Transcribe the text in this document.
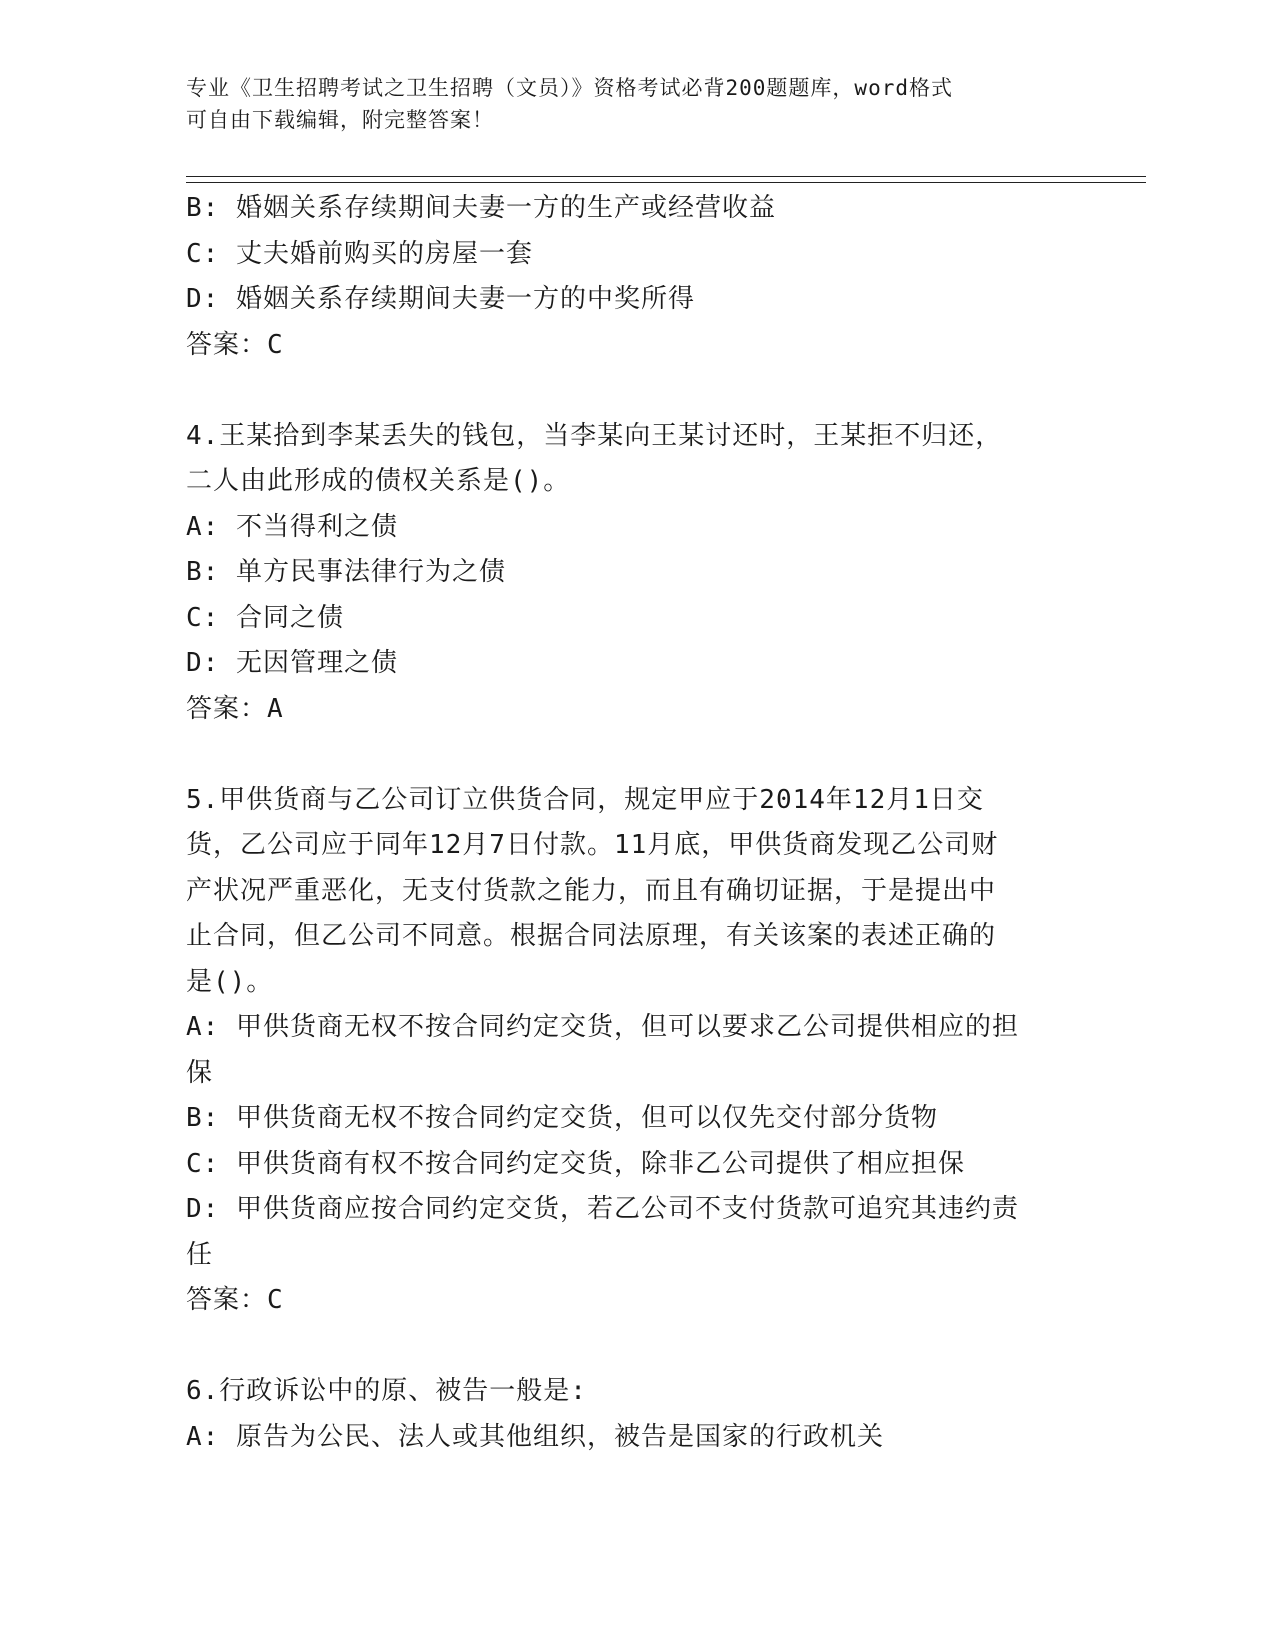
专业《卫生招聘考试之卫生招聘（文员）》资格考试必背200题题库，word格式
可自由下载编辑，附完整答案！
B: 婚姻关系存续期间夫妻一方的生产或经营收益
C: 丈夫婚前购买的房屋一套
D: 婚姻关系存续期间夫妻一方的中奖所得
答案：C
4.王某拾到李某丢失的钱包，当李某向王某讨还时，王某拒不归还，
二人由此形成的债权关系是()。
A: 不当得利之债
B: 单方民事法律行为之债
C: 合同之债
D: 无因管理之债
答案：A
5.甲供货商与乙公司订立供货合同，规定甲应于2014年12月1日交
货，乙公司应于同年12月7日付款。11月底，甲供货商发现乙公司财
产状况严重恶化，无支付货款之能力，而且有确切证据，于是提出中
止合同，但乙公司不同意。根据合同法原理，有关该案的表述正确的
是()。
A: 甲供货商无权不按合同约定交货，但可以要求乙公司提供相应的担
保
B: 甲供货商无权不按合同约定交货，但可以仅先交付部分货物
C: 甲供货商有权不按合同约定交货，除非乙公司提供了相应担保
D: 甲供货商应按合同约定交货，若乙公司不支付货款可追究其违约责
任
答案：C
6.行政诉讼中的原、被告一般是:
A: 原告为公民、法人或其他组织，被告是国家的行政机关
